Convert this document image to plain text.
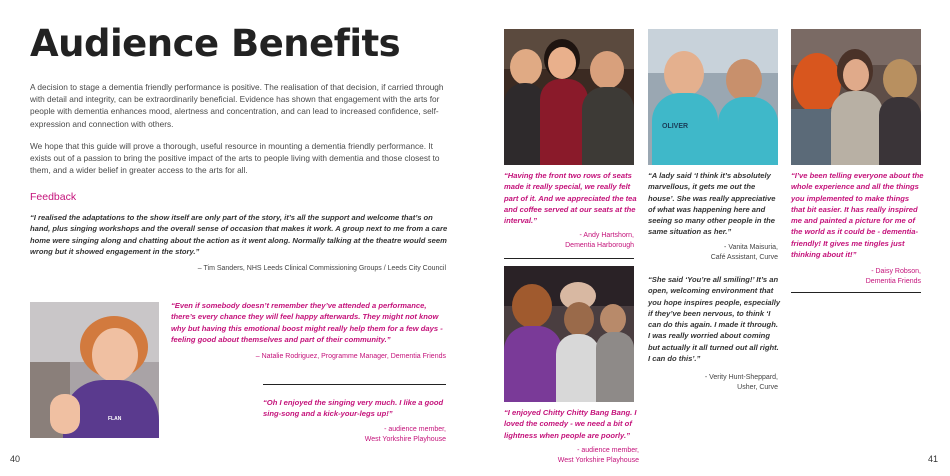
Audience Benefits

A decision to stage a dementia friendly performance is positive. The realisation of that decision, if carried through with detail and integrity, can be extraordinarily beneficial. Evidence has shown that engagement with the arts for people with dementia enhances mood, alertness and concentration, and can lead to increased confidence, self-expression and connection with others.

We hope that this guide will prove a thorough, useful resource in mounting a dementia friendly performance. It exists out of a passion to bring the positive impact of the arts to people living with dementia and those closest to them, and a wider belief in greater access to the arts for all.

Feedback

“I realised the adaptations to the show itself are only part of the story, it’s all the support and welcome that’s on hand, plus singing workshops and the overall sense of occasion that makes it work. A group next to me from a care home were singing along and chatting about the action as it went along. Normally talking at the theatre would seem wrong but it showed engagement in the story.”

– Tim Sanders, NHS Leeds Clinical Commissioning Groups / Leeds City Council
FLAN

“Even if somebody doesn’t remember they’ve attended a performance, there’s every chance they will feel happy afterwards. They might not know why but having this emotional boost might really help them for a few days - feeling good about themselves and part of their community.”

– Natalie Rodriguez, Programme Manager, Dementia Friends

“Oh I enjoyed the singing very much. I like a good sing-song and a kick-your-legs up!”

- audience member,
West Yorkshire Playhouse
40
OLIVER

“Having the front two rows of seats made it really special, we really felt part of it. And we appreciated the tea and coffee served at our seats at the interval.”

- Andy Hartshorn,
Dementia Harborough

“A lady said ‘I think it’s absolutely marvellous, it gets me out the house’. She was really appreciative of what was happening here and seeing so many other people in the same situation as her.”

- Vanita Maisuria,
Café Assistant, Curve

“I’ve been telling everyone about the whole experience and all the things you implemented to make things that bit easier. It has really inspired me and painted a picture for me of the world as it could be - dementia-friendly! It gives me tingles just thinking about it!”

- Daisy Robson,
Dementia Friends

“She said ‘You’re all smiling!’ It’s an open, welcoming environment that you hope inspires people, especially if they’ve been nervous, to think ‘I can do this again. I made it through. I was really worried about coming but actually it all turned out all right. I can do this’.”

- Verity Hunt-Sheppard,
Usher, Curve

“I enjoyed Chitty Chitty Bang Bang. I loved the comedy - we need a bit of lightness when people are poorly.”

- audience member,
West Yorkshire Playhouse	41
